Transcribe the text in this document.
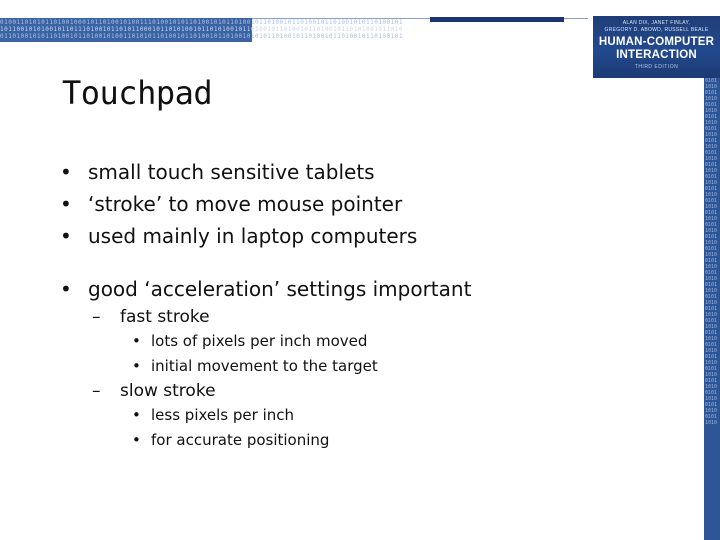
01001101010110100100010110100101001110100101011010010101101001011010010110100101101001010110100101
10110010101001011011101001011010110001011010100101101010010110100101101001011010010110101001011010
01101001010110100101101001010011010101101001011010010110100101010110100101101001011010010110100101
ALAN DIX, JANET FINLAY,
GREGORY D. ABOWD, RUSSELL BEALE
HUMAN-COMPUTER
INTERACTION
THIRD EDITION
0101101001011010010110100101101001011010010110100101101001011010010110100101101001011010010110100101101001011010010110100101101001011010010110100101101001011010010110100101101001011010010110100101101001011010010110100101101001011010
Touchpad
• small touch sensitive tablets
• ‘stroke’ to move mouse pointer
• used mainly in laptop computers
• good ‘acceleration’ settings important
– fast stroke
• lots of pixels per inch moved
• initial movement to the target
– slow stroke
• less pixels per inch
• for accurate positioning
